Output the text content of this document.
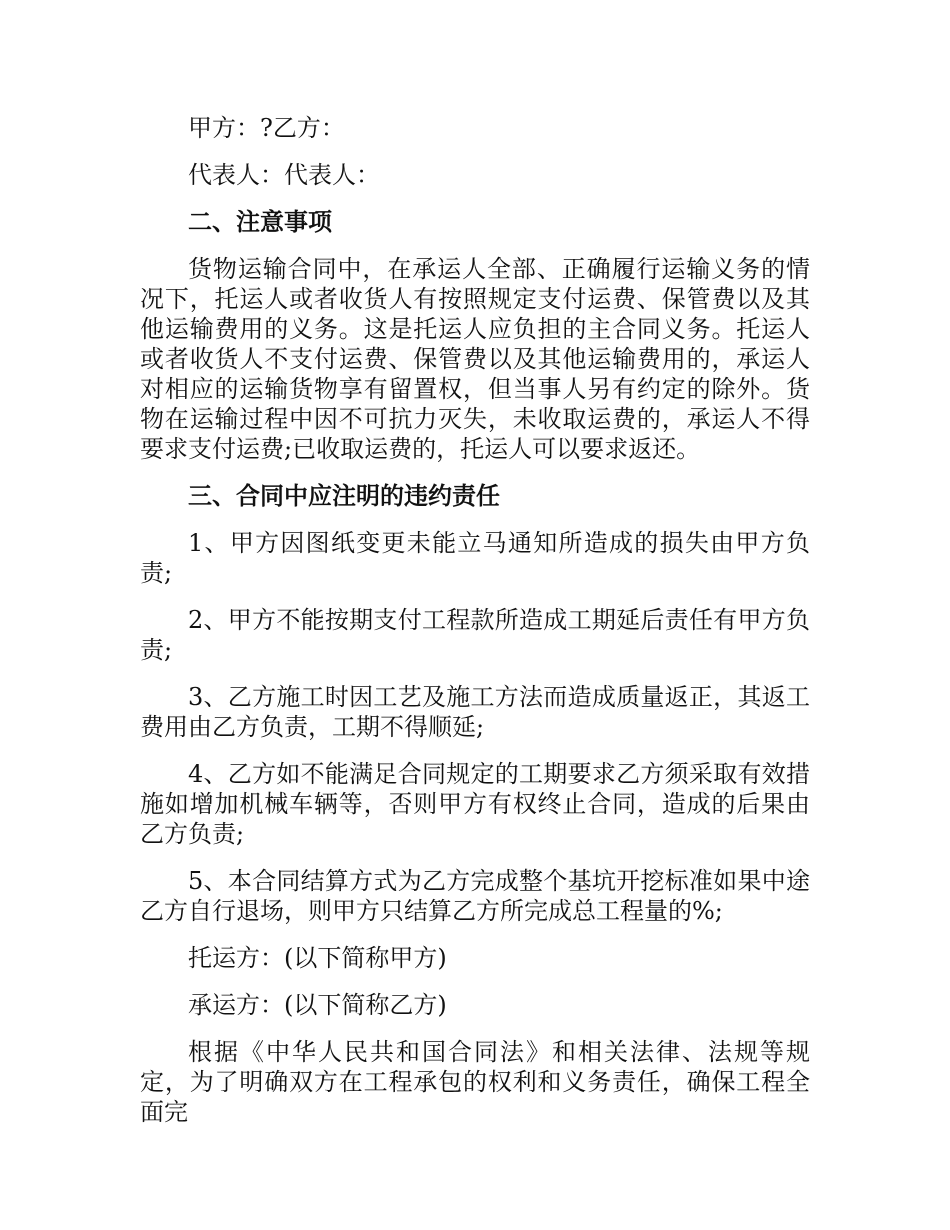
甲方：?乙方：

代表人：代表人：

二、注意事项

货物运输合同中，在承运人全部、正确履行运输义务的情况下，托运人或者收货人有按照规定支付运费、保管费以及其他运输费用的义务。这是托运人应负担的主合同义务。托运人或者收货人不支付运费、保管费以及其他运输费用的，承运人对相应的运输货物享有留置权，但当事人另有约定的除外。货物在运输过程中因不可抗力灭失，未收取运费的，承运人不得要求支付运费;已收取运费的，托运人可以要求返还。

三、合同中应注明的违约责任

1、甲方因图纸变更未能立马通知所造成的损失由甲方负责;

2、甲方不能按期支付工程款所造成工期延后责任有甲方负责;

3、乙方施工时因工艺及施工方法而造成质量返正，其返工费用由乙方负责，工期不得顺延;

4、乙方如不能满足合同规定的工期要求乙方须采取有效措施如增加机械车辆等，否则甲方有权终止合同，造成的后果由乙方负责;

5、本合同结算方式为乙方完成整个基坑开挖标准如果中途乙方自行退场，则甲方只结算乙方所完成总工程量的%;

托运方：(以下简称甲方)

承运方：(以下简称乙方)

根据《中华人民共和国合同法》和相关法律、法规等规定，为了明确双方在工程承包的权利和义务责任，确保工程全面完
